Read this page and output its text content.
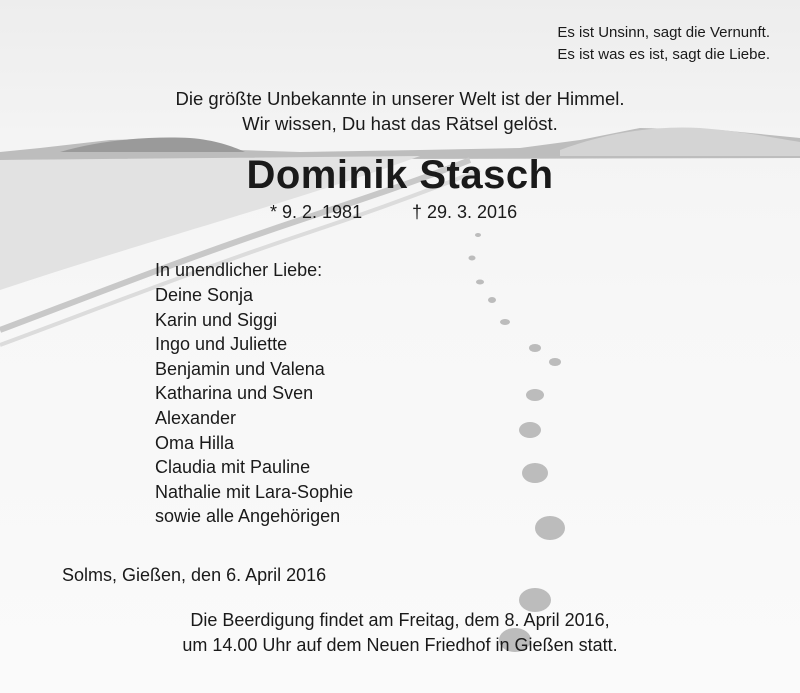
Es ist Unsinn, sagt die Vernunft.
Es ist was es ist, sagt die Liebe.

Die größte Unbekannte in unserer Welt ist der Himmel.
Wir wissen, Du hast das Rätsel gelöst.

Dominik Stasch
* 9. 2. 1981	† 29. 3. 2016

In unendlicher Liebe:

Deine Sonja
Karin und Siggi
Ingo und Juliette
Benjamin und Valena
Katharina und Sven
Alexander
Oma Hilla
Claudia mit Pauline
Nathalie mit Lara-Sophie
sowie alle Angehörigen

Solms, Gießen, den 6. April 2016

Die Beerdigung findet am Freitag, dem 8. April 2016,
um 14.00 Uhr auf dem Neuen Friedhof in Gießen statt.
